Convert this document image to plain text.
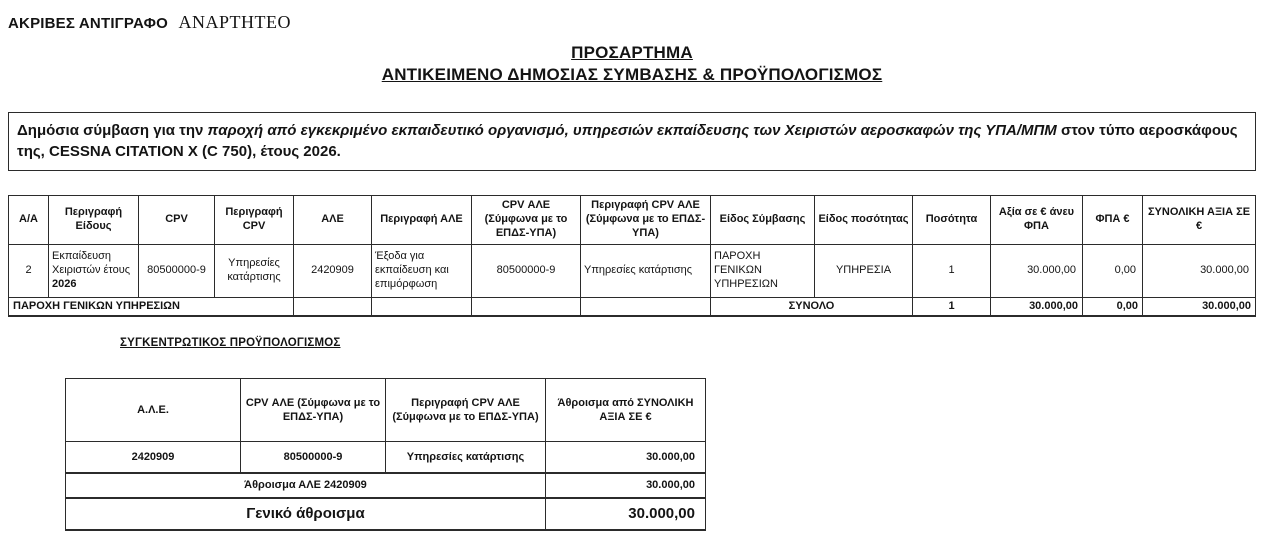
ΑΚΡΙΒΕΣ ΑΝΤΙΓΡΑΦΟ ΑΝΑΡΤΗΤΕΟ
ΠΡΟΣΑΡΤΗΜΑ
ΑΝΤΙΚΕΙΜΕΝΟ ΔΗΜΟΣΙΑΣ ΣΥΜΒΑΣΗΣ & ΠΡΟΫΠΟΛΟΓΙΣΜΟΣ
Δημόσια σύμβαση για την παροχή από εγκεκριμένο εκπαιδευτικό οργανισμό, υπηρεσιών εκπαίδευσης των Χειριστών αεροσκαφών της ΥΠΑ/ΜΠΜ στον τύπο αεροσκάφους της, CESSNA CITATION X (C 750), έτους 2026.
Α/Α	Περιγραφή Είδους	CPV	Περιγραφή CPV	ΑΛΕ	Περιγραφή ΑΛΕ	CPV ΑΛΕ (Σύμφωνα με το ΕΠΔΣ-ΥΠΑ)	Περιγραφή CPV ΑΛΕ (Σύμφωνα με το ΕΠΔΣ-ΥΠΑ)	Είδος Σύμβασης	Είδος ποσότητας	Ποσότητα	Αξία σε € άνευ ΦΠΑ	ΦΠΑ €	ΣΥΝΟΛΙΚΗ ΑΞΙΑ ΣΕ €
2	Εκπαίδευση Χειριστών έτους 2026	80500000-9	Υπηρεσίες κατάρτισης	2420909	Έξοδα για εκπαίδευση και επιμόρφωση	80500000-9	Υπηρεσίες κατάρτισης	ΠΑΡΟΧΗ ΓΕΝΙΚΩΝ ΥΠΗΡΕΣΙΩΝ	ΥΠΗΡΕΣΙΑ	1	30.000,00	0,00	30.000,00
ΠΑΡΟΧΗ ΓΕΝΙΚΩΝ ΥΠΗΡΕΣΙΩΝ								ΣΥΝΟΛΟ		1	30.000,00	0,00	30.000,00
ΣΥΓΚΕΝΤΡΩΤΙΚΟΣ ΠΡΟΫΠΟΛΟΓΙΣΜΟΣ
Α.Λ.Ε.	CPV ΑΛΕ (Σύμφωνα με το ΕΠΔΣ-ΥΠΑ)	Περιγραφή CPV ΑΛΕ (Σύμφωνα με το ΕΠΔΣ-ΥΠΑ)	Άθροισμα από ΣΥΝΟΛΙΚΗ ΑΞΙΑ ΣΕ €
2420909	80500000-9	Υπηρεσίες κατάρτισης	30.000,00
Άθροισμα ΑΛΕ 2420909			30.000,00
Γενικό άθροισμα			30.000,00
